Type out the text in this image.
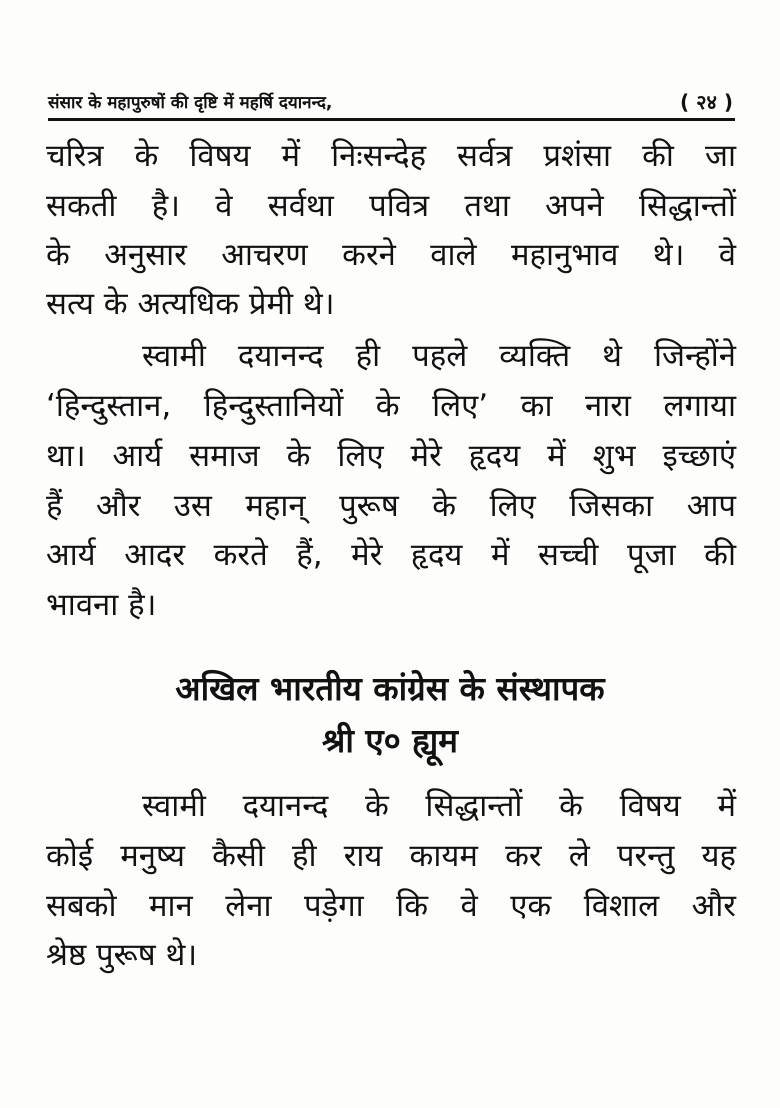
संसार के महापुरुषों की दृष्टि में महर्षि दयानन्द,	( २४ )
चरित्र के विषय में निःसन्देह सर्वत्र प्रशंसा की जा
सकती है। वे सर्वथा पवित्र तथा अपने सिद्धान्तों
के अनुसार आचरण करने वाले महानुभाव थे। वे
सत्य के अत्यधिक प्रेमी थे।
स्वामी दयानन्द ही पहले व्यक्ति थे जिन्होंने
‘हिन्दुस्तान, हिन्दुस्तानियों के लिए’ का नारा लगाया
था। आर्य समाज के लिए मेरे हृदय में शुभ इच्छाएं
हैं और उस महान् पुरूष के लिए जिसका आप
आर्य आदर करते हैं, मेरे हृदय में सच्ची पूजा की
भावना है।
अखिल भारतीय कांग्रेस के संस्थापक
श्री ए० ह्यूम
स्वामी दयानन्द के सिद्धान्तों के विषय में
कोई मनुष्य कैसी ही राय कायम कर ले परन्तु यह
सबको मान लेना पड़ेगा कि वे एक विशाल और
श्रेष्ठ पुरूष थे।
